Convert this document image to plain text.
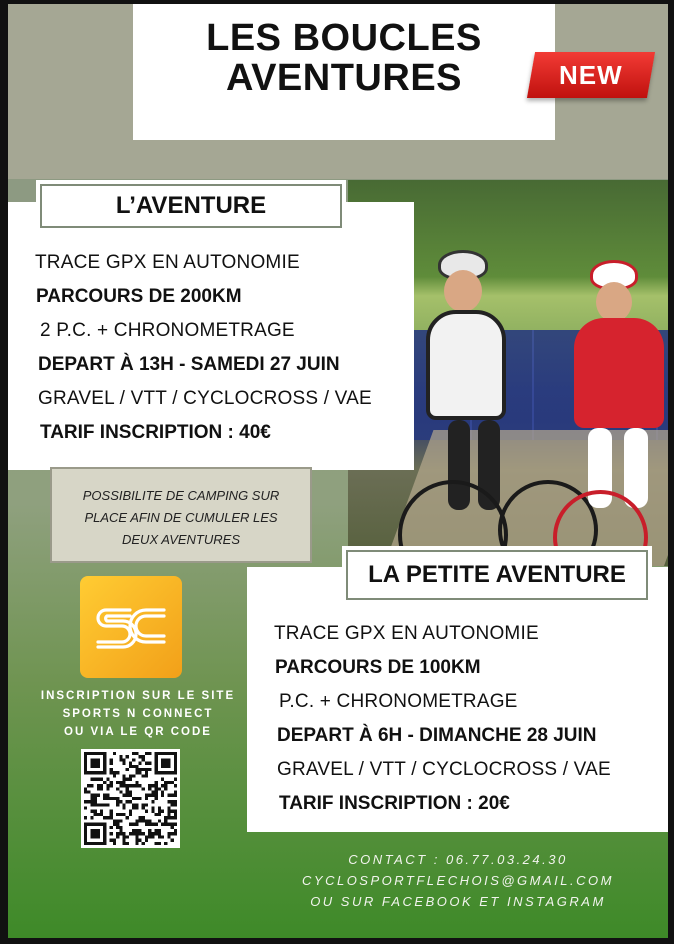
LES BOUCLES
AVENTURES	NEW
TRACE GPX EN AUTONOMIE
PARCOURS DE 200KM
2 P.C. + CHRONOMETRAGE
DEPART À 13H - SAMEDI 27 JUIN
GRAVEL / VTT / CYCLOCROSS / VAE
TARIF INSCRIPTION : 40€
L’AVENTURE
POSSIBILITE DE CAMPING SUR
PLACE AFIN DE CUMULER LES
DEUX AVENTURES
TRACE GPX EN AUTONOMIE
PARCOURS DE 100KM
P.C. + CHRONOMETRAGE
DEPART À 6H - DIMANCHE 28 JUIN
GRAVEL / VTT / CYCLOCROSS / VAE
TARIF INSCRIPTION : 20€
LA PETITE AVENTURE
INSCRIPTION SUR LE SITE
SPORTS N CONNECT
OU VIA LE QR CODE
CONTACT : 06.77.03.24.30
CYCLOSPORTFLECHOIS@GMAIL.COM
OU SUR FACEBOOK ET INSTAGRAM
